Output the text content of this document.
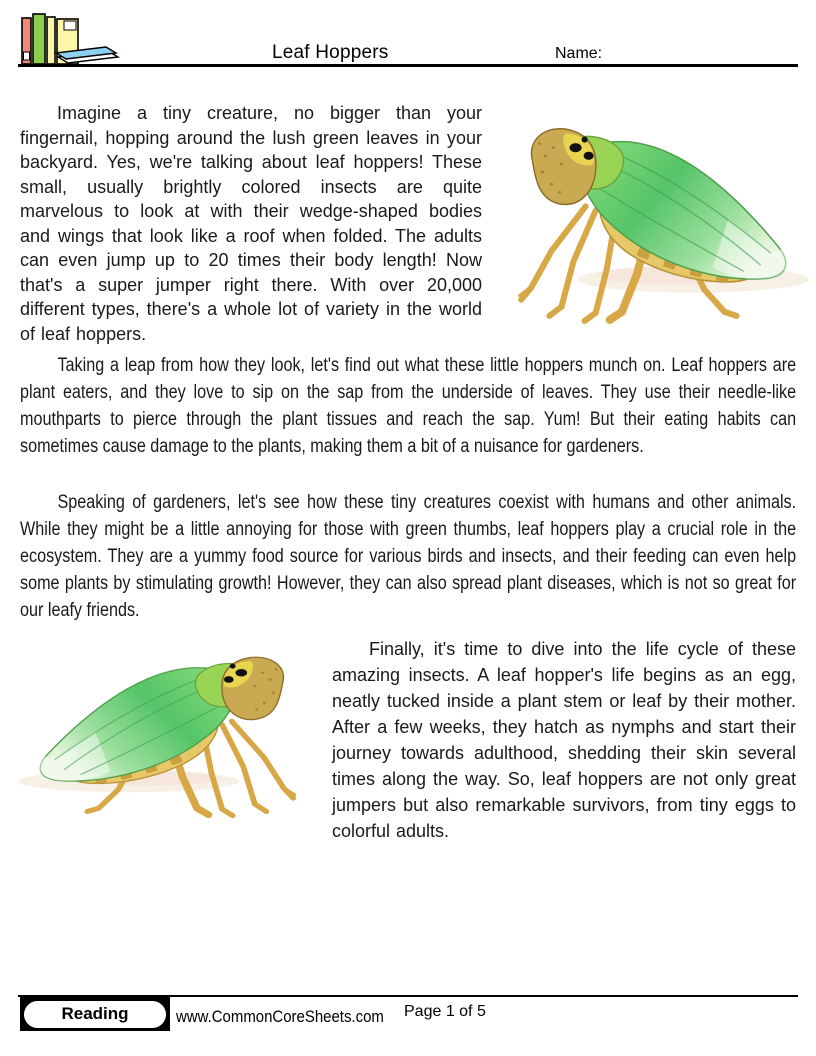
Leaf Hoppers	Name:

Imagine a tiny creature, no bigger than your fingernail, hopping around the lush green leaves in your backyard. Yes, we're talking about leaf hoppers! These small, usually brightly colored insects are quite marvelous to look at with their wedge-shaped bodies and wings that look like a roof when folded. The adults can even jump up to 20 times their body length! Now that's a super jumper right there. With over 20,000 different types, there's a whole lot of variety in the world of leaf hoppers.

Taking a leap from how they look, let's find out what these little hoppers munch on. Leaf hoppers are plant eaters, and they love to sip on the sap from the underside of leaves. They use their needle-like mouthparts to pierce through the plant tissues and reach the sap. Yum! But their eating habits can sometimes cause damage to the plants, making them a bit of a nuisance for gardeners.

Speaking of gardeners, let's see how these tiny creatures coexist with humans and other animals. While they might be a little annoying for those with green thumbs, leaf hoppers play a crucial role in the ecosystem. They are a yummy food source for various birds and insects, and their feeding can even help some plants by stimulating growth! However, they can also spread plant diseases, which is not so great for our leafy friends.

Finally, it's time to dive into the life cycle of these amazing insects. A leaf hopper's life begins as an egg, neatly tucked inside a plant stem or leaf by their mother. After a few weeks, they hatch as nymphs and start their journey towards adulthood, shedding their skin several times along the way. So, leaf hoppers are not only great jumpers but also remarkable survivors, from tiny eggs to colorful adults.

Reading	www.CommonCoreSheets.com Page 1 of 5
